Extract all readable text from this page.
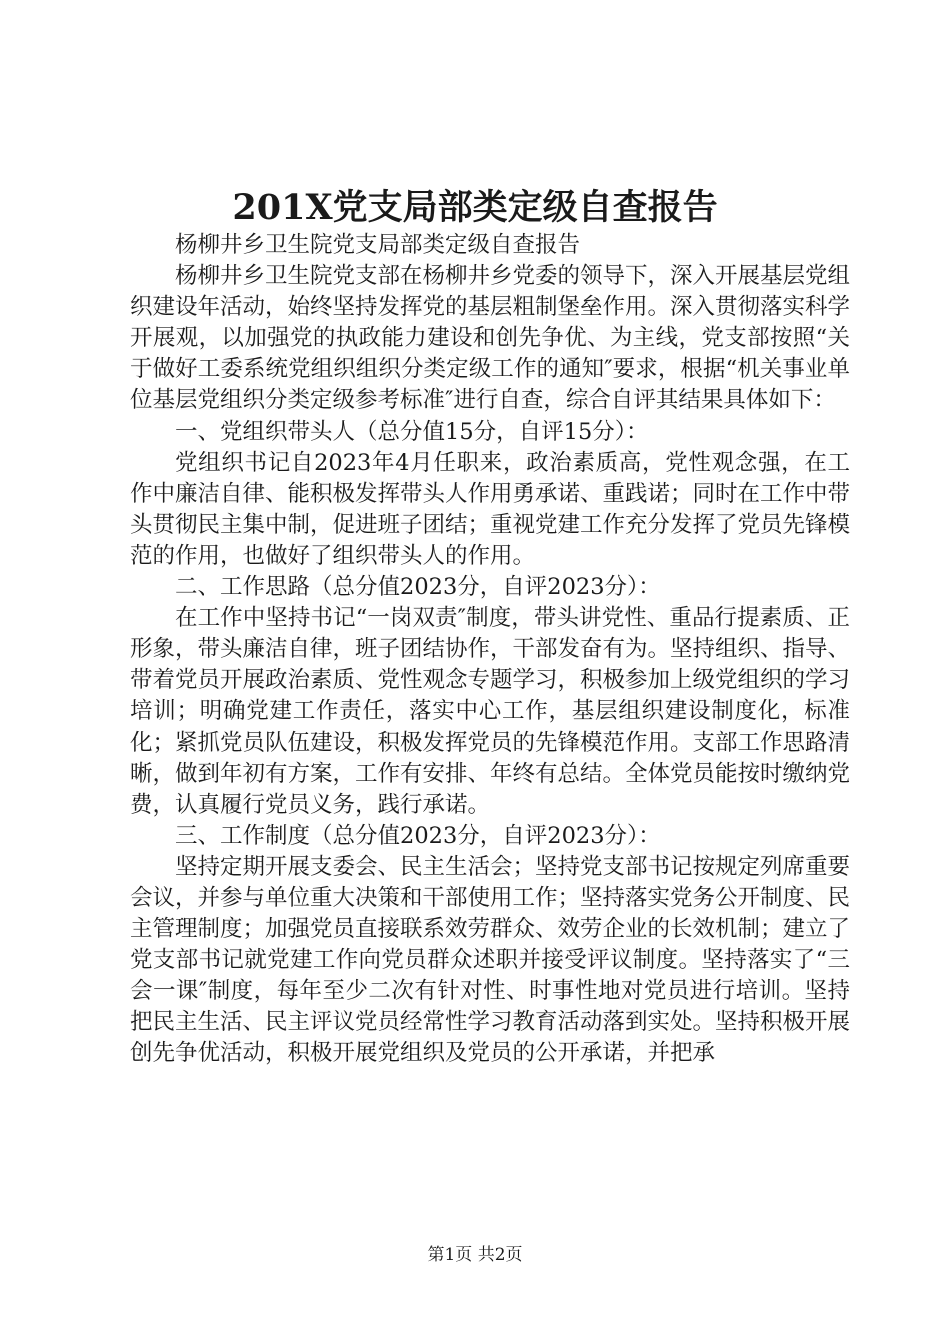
201X党支局部类定级自查报告

杨柳井乡卫生院党支局部类定级自查报告

杨柳井乡卫生院党支部在杨柳井乡党委的领导下，深入开展基层党组织建设年活动，始终坚持发挥党的基层粗制堡垒作用。深入贯彻落实科学开展观，以加强党的执政能力建设和创先争优、为主线，党支部按照“关于做好工委系统党组织组织分类定级工作的通知″要求，根据“机关事业单位基层党组织分类定级参考标准″进行自查，综合自评其结果具体如下：

一、党组织带头人（总分值15分，自评15分）：

党组织书记自2023年4月任职来，政治素质高，党性观念强，在工作中廉洁自律、能积极发挥带头人作用勇承诺、重践诺；同时在工作中带头贯彻民主集中制，促进班子团结；重视党建工作充分发挥了党员先锋模范的作用，也做好了组织带头人的作用。

二、工作思路（总分值2023分，自评2023分）：

在工作中坚持书记“一岗双责″制度，带头讲党性、重品行提素质、正形象，带头廉洁自律，班子团结协作，干部发奋有为。坚持组织、指导、带着党员开展政治素质、党性观念专题学习，积极参加上级党组织的学习培训；明确党建工作责任，落实中心工作，基层组织建设制度化，标准化；紧抓党员队伍建设，积极发挥党员的先锋模范作用。支部工作思路清晰，做到年初有方案，工作有安排、年终有总结。全体党员能按时缴纳党费，认真履行党员义务，践行承诺。

三、工作制度（总分值2023分，自评2023分）：

坚持定期开展支委会、民主生活会；坚持党支部书记按规定列席重要会议，并参与单位重大决策和干部使用工作；坚持落实党务公开制度、民主管理制度；加强党员直接联系效劳群众、效劳企业的长效机制；建立了党支部书记就党建工作向党员群众述职并接受评议制度。坚持落实了“三会一课″制度，每年至少二次有针对性、时事性地对党员进行培训。坚持把民主生活、民主评议党员经常性学习教育活动落到实处。坚持积极开展创先争优活动，积极开展党组织及党员的公开承诺，并把承

第1页 共2页
